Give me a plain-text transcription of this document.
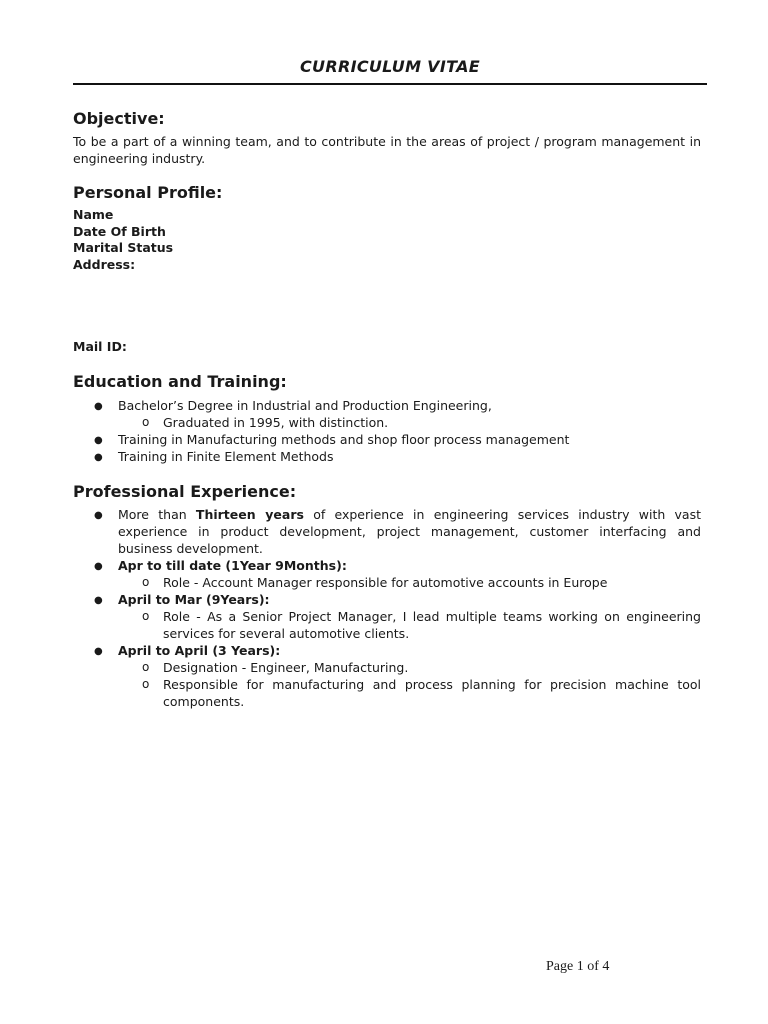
CURRICULUM VITAE
Objective:

To be a part of a winning team, and to contribute in the areas of project / program management in engineering industry.

Personal Profile:
Name
Date Of Birth
Marital Status
Address:
Mail ID:
Education and Training:
● Bachelor’s Degree in Industrial and Production Engineering,
o Graduated in 1995, with distinction.
● Training in Manufacturing methods and shop floor process management
● Training in Finite Element Methods
Professional Experience:
● More than Thirteen years of experience in engineering services industry with vast experience in product development, project management, customer interfacing and business development.
● Apr to till date (1Year 9Months):
o Role - Account Manager responsible for automotive accounts in Europe
● April to Mar (9Years):
o Role - As a Senior Project Manager, I lead multiple teams working on engineering services for several automotive clients.
● April to April (3 Years):
o Designation - Engineer, Manufacturing.
o Responsible for manufacturing and process planning for precision machine tool components.
Page 1 of 4
